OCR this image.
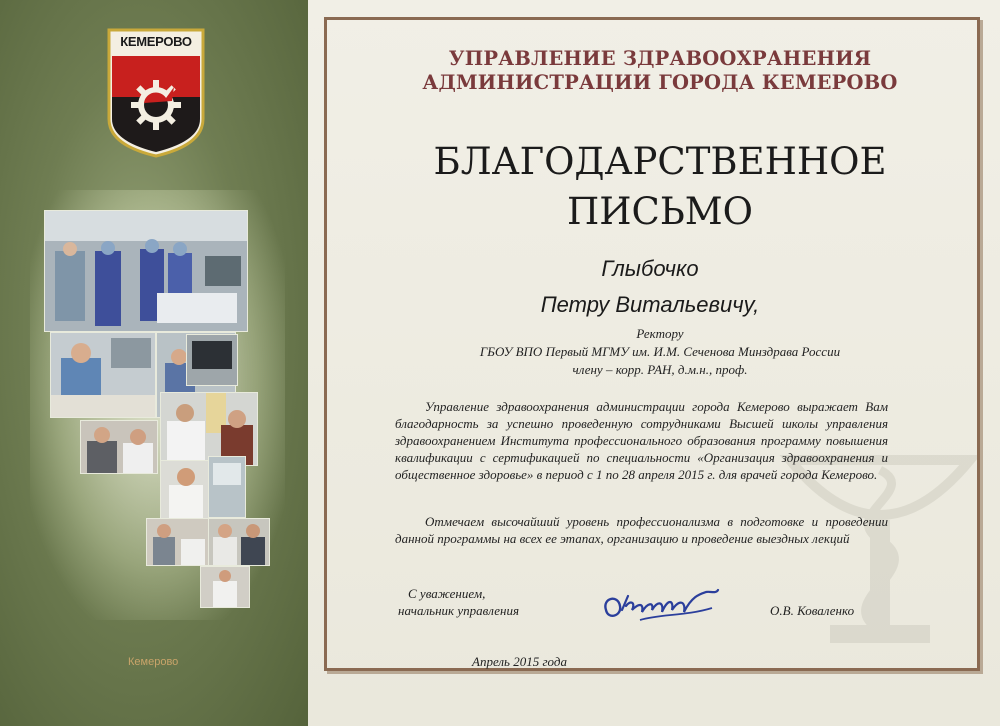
КЕМЕРОВО
Кемерово
УПРАВЛЕНИЕ ЗДРАВООХРАНЕНИЯ
АДМИНИСТРАЦИИ ГОРОДА КЕМЕРОВО
БЛАГОДАРСТВЕННОЕ
ПИСЬМО
Глыбочко
Петру Витальевичу,
Ректору
ГБОУ ВПО Первый МГМУ им. И.М. Сеченова Минздрава России
члену – корр. РАН, д.м.н., проф.
Управление здравоохранения администрации города Кемерово выражает Вам благодарность за успешно проведенную сотрудниками Высшей школы управления здравоохранением Института профессионального образования программу повышения квалификации с сертификацией по специальности «Организация здравоохранения и общественное здоровье» в период с 1 по 28 апреля 2015 г. для врачей города Кемерово.
Отмечаем высочайший уровень профессионализма в подготовке и проведении данной программы на всех ее этапах, организацию и проведение выездных лекций
С уважением,
начальник управления	О.В. Коваленко
Апрель 2015 года
